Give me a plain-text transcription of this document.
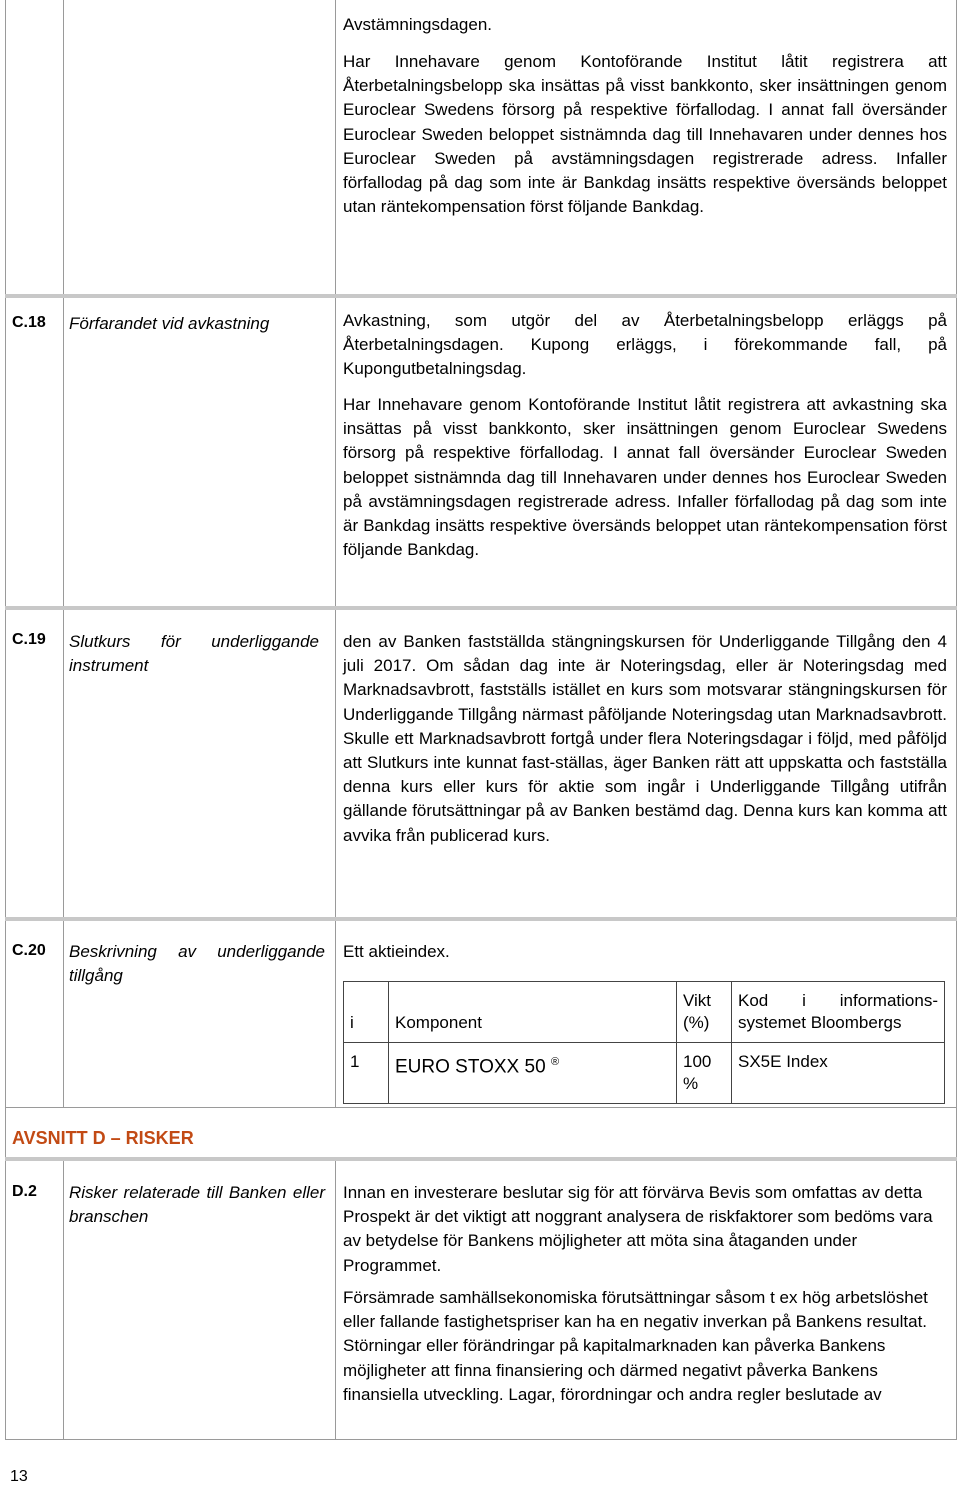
Avstämningsdagen.

Har Innehavare genom Kontoförande Institut låtit registrera att Återbetalningsbelopp ska insättas på visst bankkonto, sker insättningen genom Euroclear Swedens försorg på respektive förfallodag. I annat fall översänder Euroclear Sweden beloppet sistnämnda dag till Innehavaren under dennes hos Euroclear Sweden på avstämningsdagen registrerade adress. Infaller förfallodag på dag som inte är Bankdag insätts respektive översänds beloppet utan räntekompensation först följande Bankdag.

C.18 Förfarandet vid avkastning	Avkastning, som utgör del av Återbetalningsbelopp erläggs på Återbetalningsdagen. Kupong erläggs, i förekommande fall, på Kupongutbetalningsdag.

Har Innehavare genom Kontoförande Institut låtit registrera att avkastning ska insättas på visst bankkonto, sker insättningen genom Euroclear Swedens försorg på respektive förfallodag. I annat fall översänder Euroclear Sweden beloppet sistnämnda dag till Innehavaren under dennes hos Euroclear Sweden på avstämningsdagen registrerade adress. Infaller förfallodag på dag som inte är Bankdag insätts respektive översänds beloppet utan räntekompensation först följande Bankdag.

C.19 Slutkurs för underliggande instrument

den av Banken fastställda stängningskursen för Underliggande Tillgång den 4 juli 2017. Om sådan dag inte är Noteringsdag, eller är Noteringsdag med Marknadsavbrott, fastställs istället en kurs som motsvarar stängningskursen för Underliggande Tillgång närmast påföljande Noteringsdag utan Marknadsavbrott. Skulle ett Marknadsavbrott fortgå under flera Noteringsdagar i följd, med påföljd att Slutkurs inte kunnat fast-ställas, äger Banken rätt att uppskatta och fastställa denna kurs eller kurs för aktie som ingår i Underliggande Tillgång utifrån gällande förutsättningar på av Banken bestämd dag. Denna kurs kan komma att avvika från publicerad kurs.

C.20 Beskrivning av underliggande tillgång

Ett aktieindex.

i	Komponent	Vikt (%)	Kod i informations-systemet Bloombergs
1	EURO STOXX 50 ®	100 %	SX5E Index
AVSNITT D – RISKER
D.2 Risker relaterade till Banken eller branschen

Innan en investerare beslutar sig för att förvärva Bevis som omfattas av detta Prospekt är det viktigt att noggrant analysera de riskfaktorer som bedöms vara av betydelse för Bankens möjligheter att möta sina åtaganden under Programmet.

Försämrade samhällsekonomiska förutsättningar såsom t ex hög arbetslöshet eller fallande fastighetspriser kan ha en negativ inverkan på Bankens resultat. Störningar eller förändringar på kapitalmarknaden kan påverka Bankens möjligheter att finna finansiering och därmed negativt påverka Bankens finansiella utveckling. Lagar, förordningar och andra regler beslutade av

13
